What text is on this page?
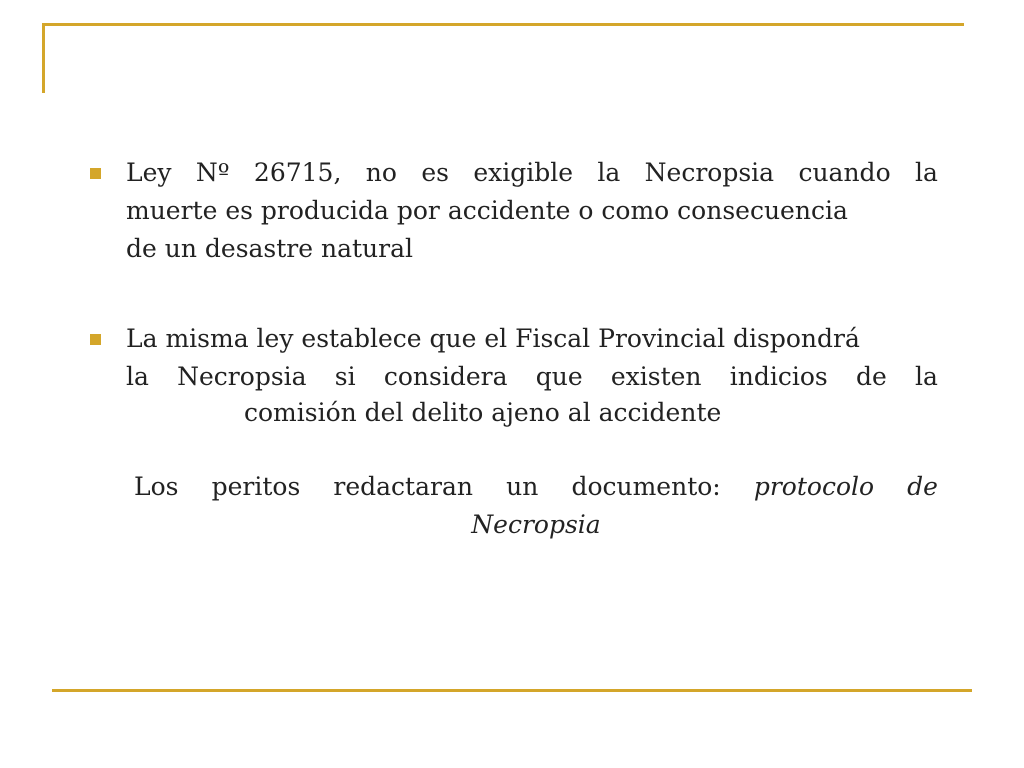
Ley Nº 26715, no es exigible la Necropsia cuando la
muerte es producida por accidente o como consecuencia
de un desastre natural
La misma ley establece que el Fiscal Provincial dispondrá
la Necropsia si considera que existen indicios de la
comisión del delito ajeno al accidente
Los peritos redactaran un documento: protocolo de
Necropsia
